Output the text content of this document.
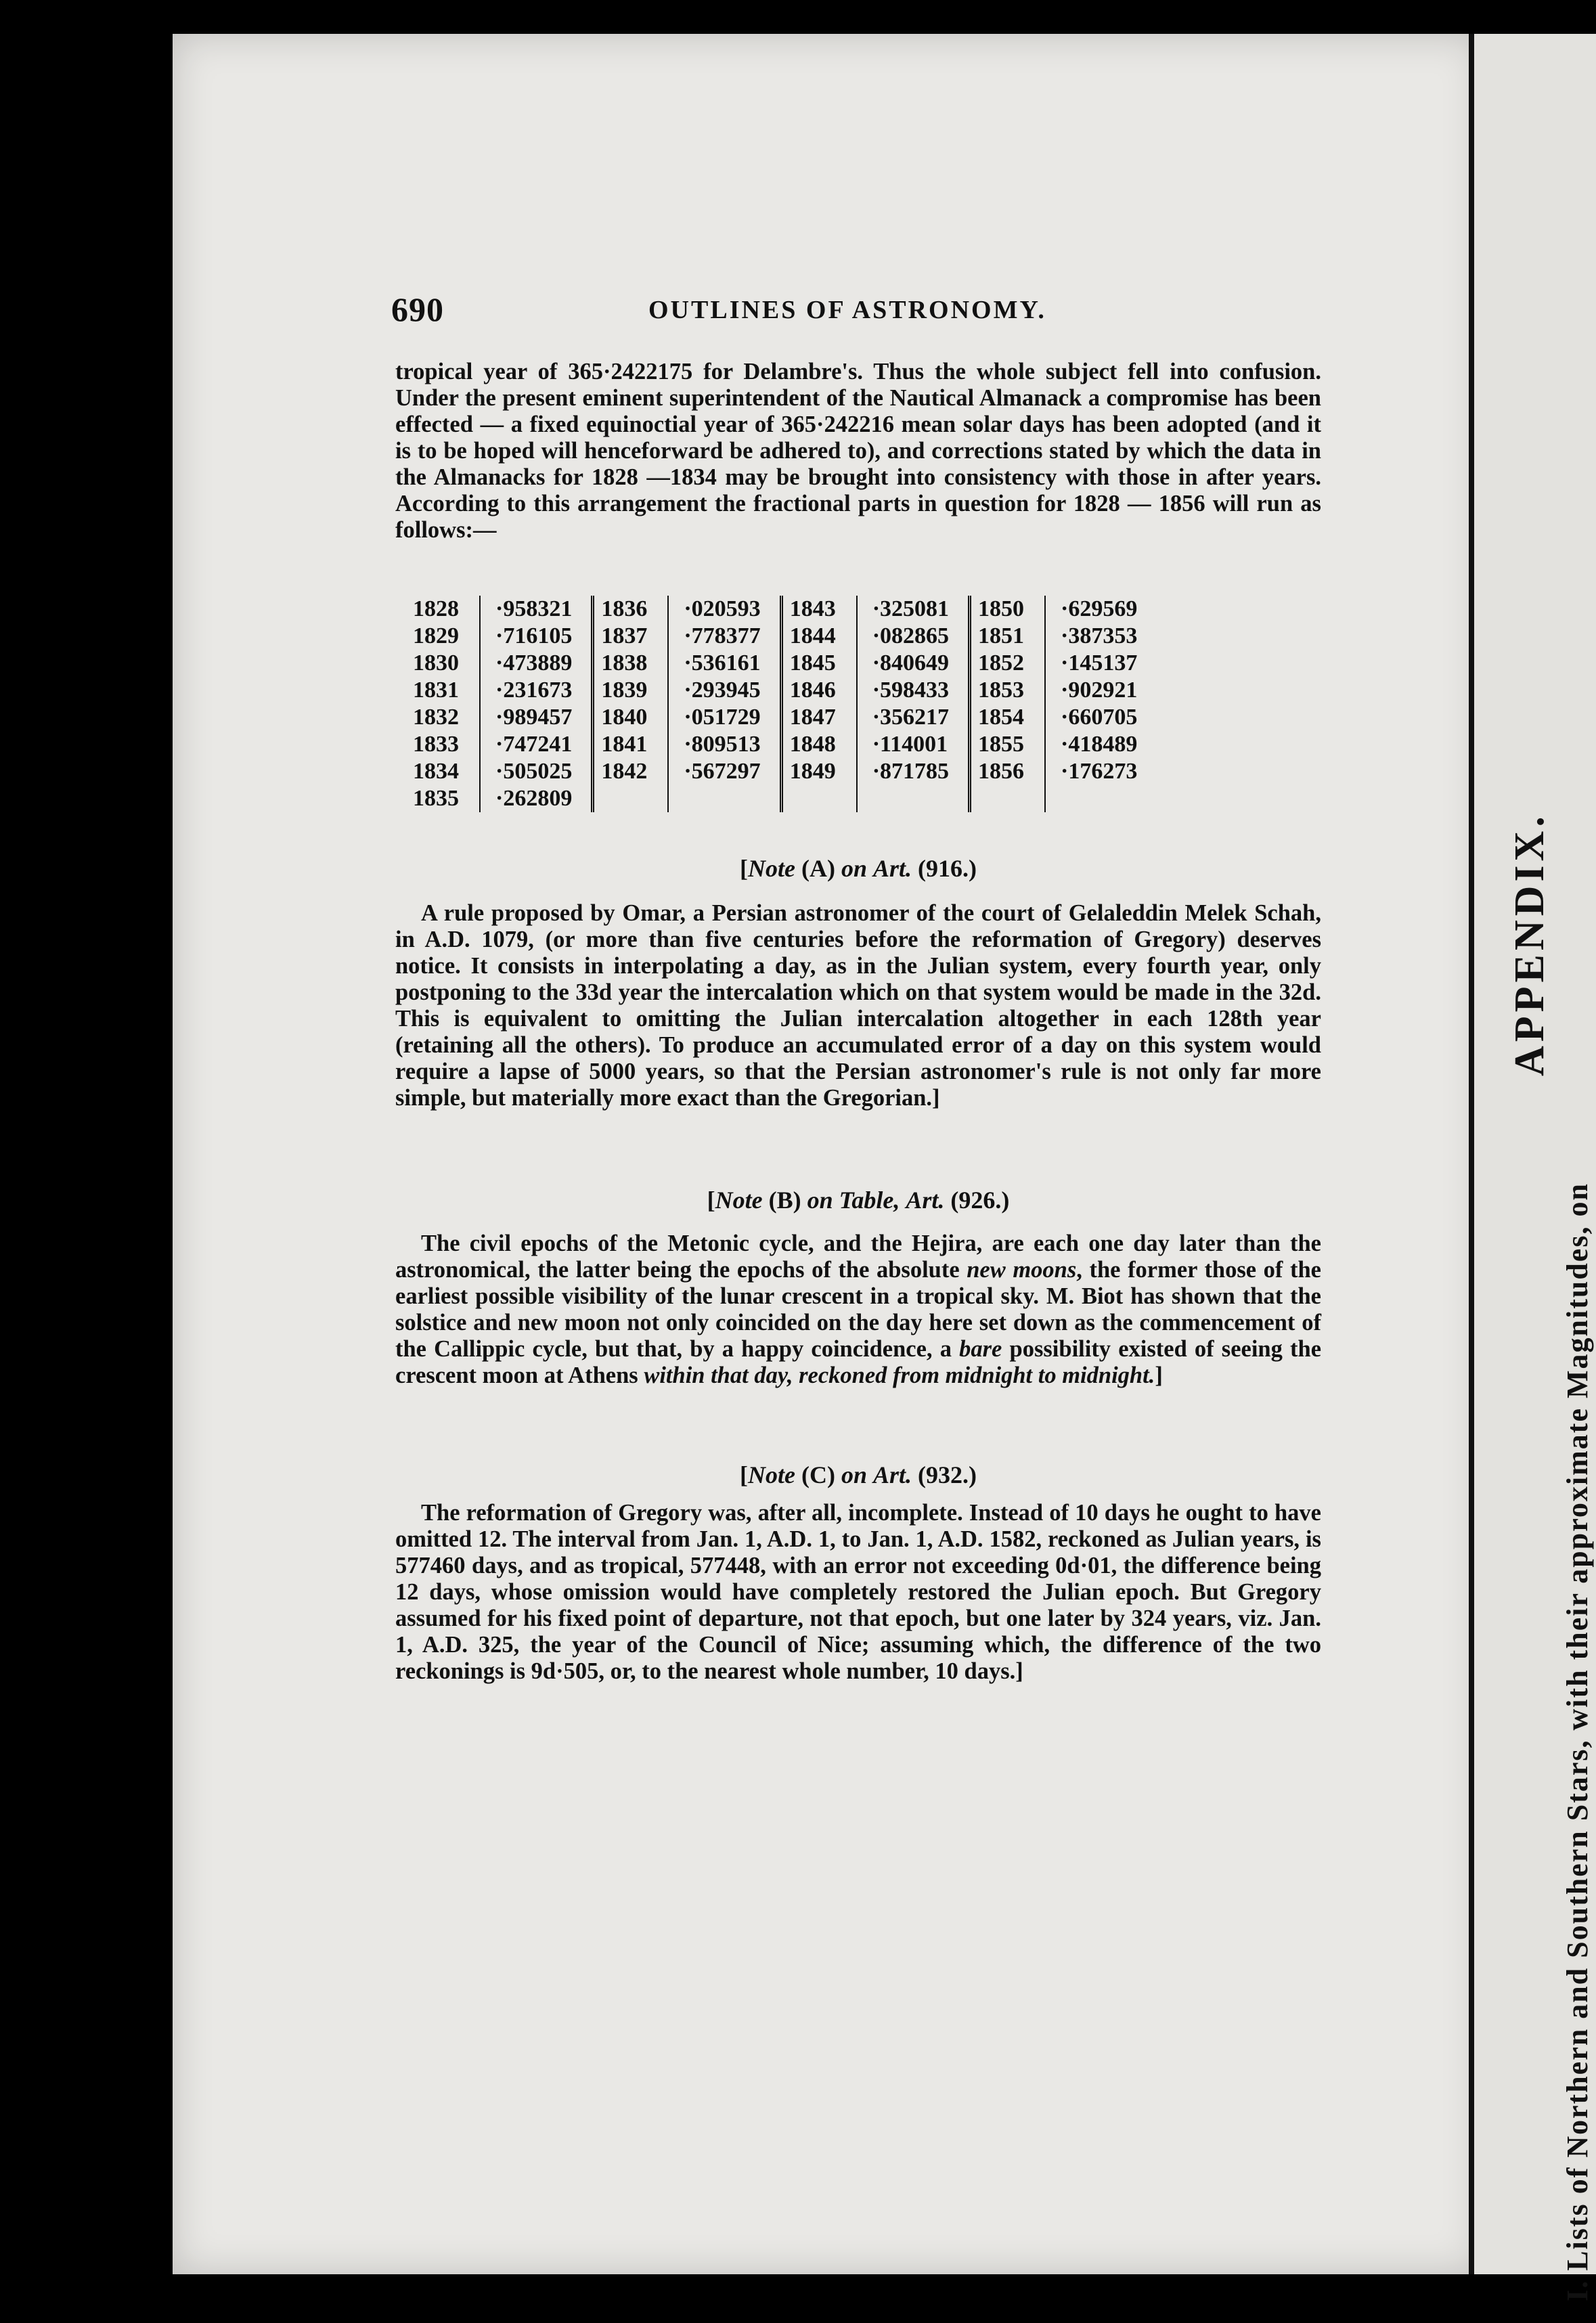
690	OUTLINES OF ASTRONOMY.

tropical year of 365·2422175 for Delambre's. Thus the whole subject fell into confusion. Under the present eminent superintendent of the Nautical Almanack a compromise has been effected — a fixed equinoctial year of 365·242216 mean solar days has been adopted (and it is to be hoped will henceforward be adhered to), and corrections stated by which the data in the Almanacks for 1828 —1834 may be brought into consistency with those in after years. According to this arrangement the fractional parts in question for 1828 — 1856 will run as follows:—

1828	·958321	1836	·020593	1843	·325081	1850	·629569
1829	·716105	1837	·778377	1844	·082865	1851	·387353
1830	·473889	1838	·536161	1845	·840649	1852	·145137
1831	·231673	1839	·293945	1846	·598433	1853	·902921
1832	·989457	1840	·051729	1847	·356217	1854	·660705
1833	·747241	1841	·809513	1848	·114001	1855	·418489
1834	·505025	1842	·567297	1849	·871785	1856	·176273
1835	·262809						
[Note (A) on Art. (916.)

A rule proposed by Omar, a Persian astronomer of the court of Gelaleddin Melek Schah, in A.D. 1079, (or more than five centuries before the reformation of Gregory) deserves notice. It consists in interpolating a day, as in the Julian system, every fourth year, only postponing to the 33d year the intercalation which on that system would be made in the 32d. This is equivalent to omitting the Julian intercalation altogether in each 128th year (retaining all the others). To produce an accumulated error of a day on this system would require a lapse of 5000 years, so that the Persian astronomer's rule is not only far more simple, but materially more exact than the Gregorian.]

[Note (B) on Table, Art. (926.)

The civil epochs of the Metonic cycle, and the Hejira, are each one day later than the astronomical, the latter being the epochs of the absolute new moons, the former those of the earliest possible visibility of the lunar crescent in a tropical sky. M. Biot has shown that the solstice and new moon not only coincided on the day here set down as the commencement of the Callippic cycle, but that, by a happy coincidence, a bare possibility existed of seeing the crescent moon at Athens within that day, reckoned from midnight to midnight.]

[Note (C) on Art. (932.)

The reformation of Gregory was, after all, incomplete. Instead of 10 days he ought to have omitted 12. The interval from Jan. 1, A.D. 1, to Jan. 1, A.D. 1582, reckoned as Julian years, is 577460 days, and as tropical, 577448, with an error not exceeding 0d·01, the difference being 12 days, whose omission would have completely restored the Julian epoch. But Gregory assumed for his fixed point of departure, not that epoch, but one later by 324 years, viz. Jan. 1, A.D. 325, the year of the Council of Nice; assuming which, the difference of the two reckonings is 9d·505, or, to the nearest whole number, 10 days.]

APPENDIX.
I. Lists of Northern and Southern Stars, with their approximate Magnitudes, on
